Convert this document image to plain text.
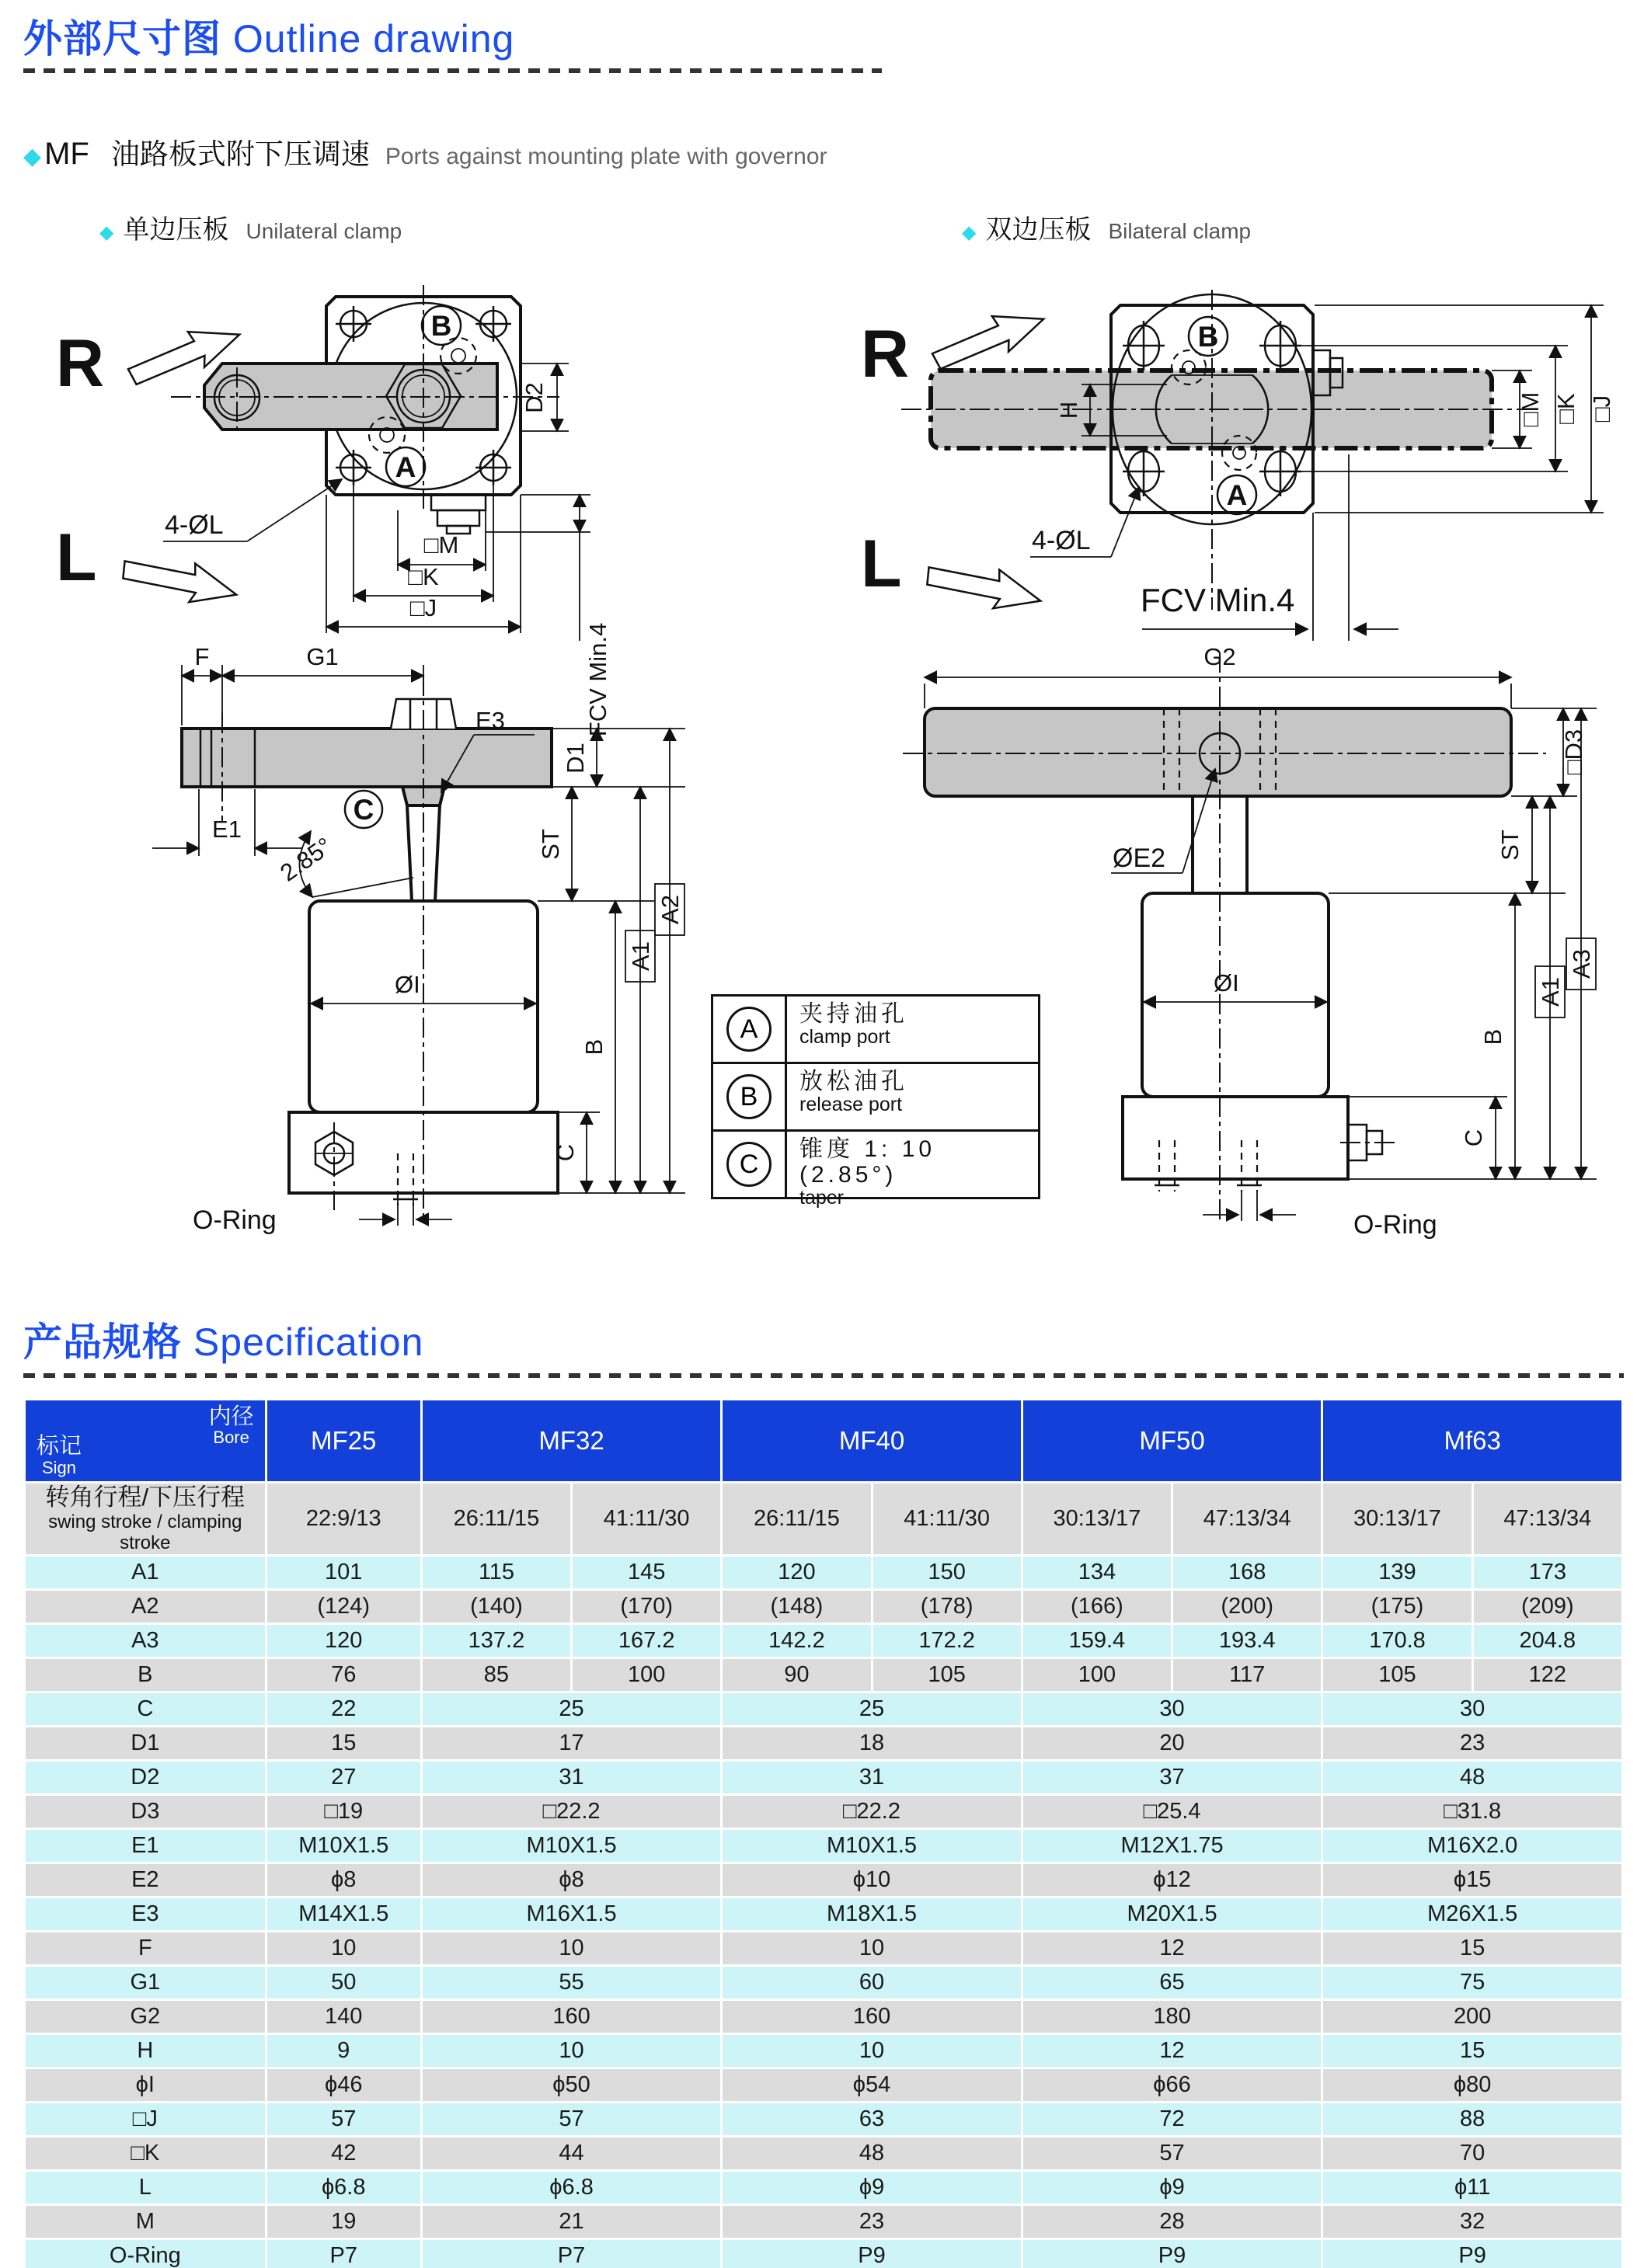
外部尺寸图 Outline drawing
◆ MF 油路板式附下压调速 Ports against mounting plate with governor
◆ 单边压板 Unilateral clamp	◆ 双边压板 Bilateral clamp
R
L
B
A
D2
FCV Min.4
4-ØL
□M
□K
□J
R
L
B
A
H
4-ØL
□M □K □J
FCV Min.4
F	G1
E3
C
2.85°
ØI
E1
O-Ring
D1
ST
C
B
A1
A2
G2
ØE2
ØI
O-Ring
□D3
ST
C
B
A1
A3
A	夹持油孔
clamp port
B	放松油孔
release port
C	锥度 1: 10 (2.85°)
taper
产品规格 Specification
内径
Bore
标记
Sign	MF25	MF32		MF40		MF50		Mf63	

转角行程/下压行程
swing stroke / clamping stroke	22:9/13	26:11/15	41:11/30	26:11/15	41:11/30	30:13/17	47:13/34	30:13/17	47:13/34
A1	101	115	145	120	150	134	168	139	173
A2	(124)	(140)	(170)	(148)	(178)	(166)	(200)	(175)	(209)
A3	120	137.2	167.2	142.2	172.2	159.4	193.4	170.8	204.8
B	76	85	100	90	105	100	117	105	122
C	22	25		25		30		30	
D1	15	17		18		20		23	
D2	27	31		31		37		48	
D3	□19	□22.2		□22.2		□25.4		□31.8	
E1	M10X1.5	M10X1.5		M10X1.5		M12X1.75		M16X2.0	
E2	ϕ8	ϕ8		ϕ10		ϕ12		ϕ15	
E3	M14X1.5	M16X1.5		M18X1.5		M20X1.5		M26X1.5	
F	10	10		10		12		15	
G1	50	55		60		65		75	
G2	140	160		160		180		200	
H	9	10		10		12		15	
ϕI	ϕ46	ϕ50		ϕ54		ϕ66		ϕ80	
□J	57	57		63		72		88	
□K	42	44		48		57		70	
L	ϕ6.8	ϕ6.8		ϕ9		ϕ9		ϕ11	
M	19	21		23		28		32	
O-Ring	P7	P7		P9		P9		P9	
